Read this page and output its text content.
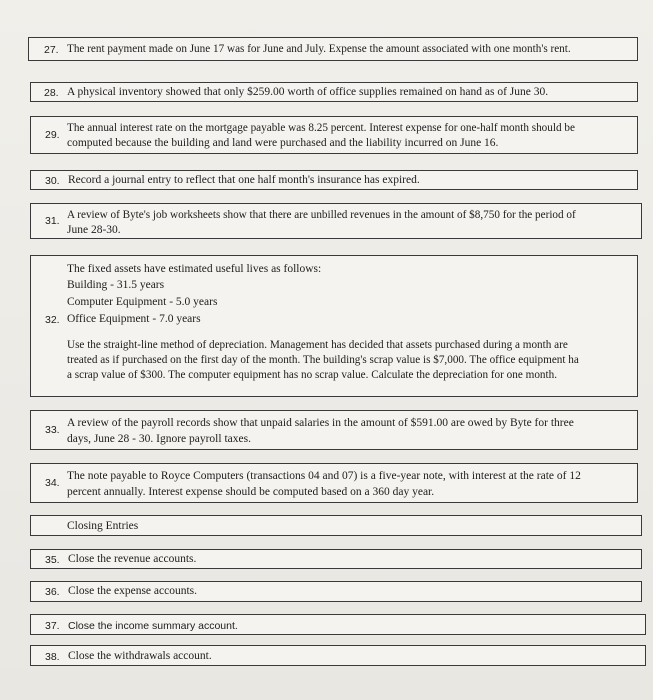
27. The rent payment made on June 17 was for June and July. Expense the amount associated with one month's rent.
28. A physical inventory showed that only $259.00 worth of office supplies remained on hand as of June 30.
29.
The annual interest rate on the mortgage payable was 8.25 percent. Interest expense for one-half month should be
computed because the building and land were purchased and the liability incurred on June 16.
30. Record a journal entry to reflect that one half month's insurance has expired.
31. A review of Byte's job worksheets show that there are unbilled revenues in the amount of $8,750 for the period of
June 28-30.
The fixed assets have estimated useful lives as follows:
Building - 31.5 years
Computer Equipment - 5.0 years
32. Office Equipment - 7.0 years
Use the straight-line method of depreciation. Management has decided that assets purchased during a month are
treated as if purchased on the first day of the month. The building's scrap value is $7,000. The office equipment ha
a scrap value of $300. The computer equipment has no scrap value. Calculate the depreciation for one month.
33.
A review of the payroll records show that unpaid salaries in the amount of $591.00 are owed by Byte for three
days, June 28 - 30. Ignore payroll taxes.
34.
The note payable to Royce Computers (transactions 04 and 07) is a five-year note, with interest at the rate of 12
percent annually. Interest expense should be computed based on a 360 day year.
Closing Entries
35. Close the revenue accounts.
36. Close the expense accounts.
37. Close the income summary account.
38. Close the withdrawals account.
